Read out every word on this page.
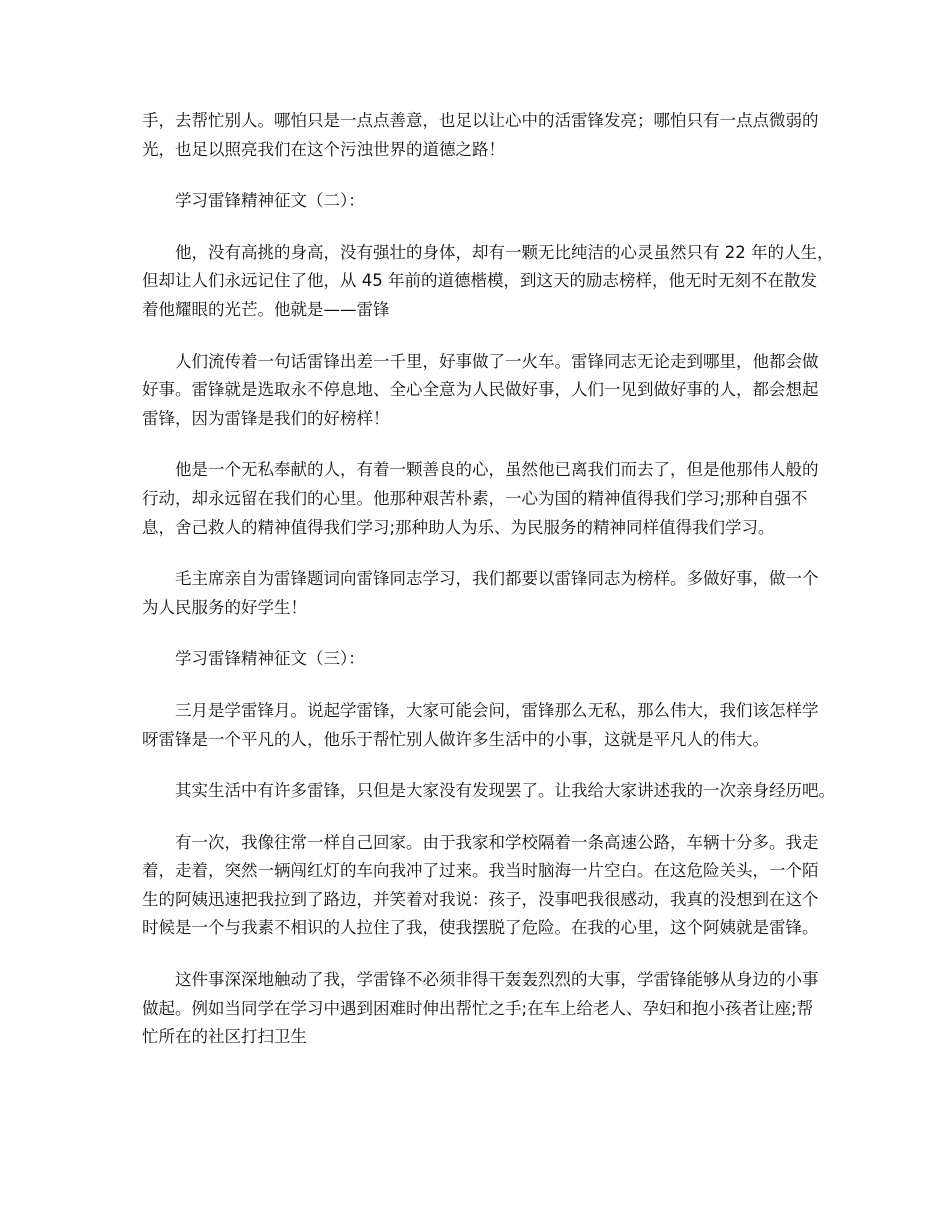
手，去帮忙别人。哪怕只是一点点善意，也足以让心中的活雷锋发亮；哪怕只有一点点微弱的
光，也足以照亮我们在这个污浊世界的道德之路！

学习雷锋精神征文（二）：

他，没有高挑的身高，没有强壮的身体，却有一颗无比纯洁的心灵虽然只有 22 年的人生，
但却让人们永远记住了他，从 45 年前的道德楷模，到这天的励志榜样，他无时无刻不在散发
着他耀眼的光芒。他就是——雷锋

人们流传着一句话雷锋出差一千里，好事做了一火车。雷锋同志无论走到哪里，他都会做
好事。雷锋就是选取永不停息地、全心全意为人民做好事，人们一见到做好事的人，都会想起
雷锋，因为雷锋是我们的好榜样！

他是一个无私奉献的人，有着一颗善良的心，虽然他已离我们而去了，但是他那伟人般的
行动，却永远留在我们的心里。他那种艰苦朴素，一心为国的精神值得我们学习;那种自强不
息，舍己救人的精神值得我们学习;那种助人为乐、为民服务的精神同样值得我们学习。

毛主席亲自为雷锋题词向雷锋同志学习，我们都要以雷锋同志为榜样。多做好事，做一个
为人民服务的好学生！

学习雷锋精神征文（三）：

三月是学雷锋月。说起学雷锋，大家可能会问，雷锋那么无私，那么伟大，我们该怎样学
呀雷锋是一个平凡的人，他乐于帮忙别人做许多生活中的小事，这就是平凡人的伟大。

其实生活中有许多雷锋，只但是大家没有发现罢了。让我给大家讲述我的一次亲身经历吧。

有一次，我像往常一样自己回家。由于我家和学校隔着一条高速公路，车辆十分多。我走
着，走着，突然一辆闯红灯的车向我冲了过来。我当时脑海一片空白。在这危险关头，一个陌
生的阿姨迅速把我拉到了路边，并笑着对我说：孩子，没事吧我很感动，我真的没想到在这个
时候是一个与我素不相识的人拉住了我，使我摆脱了危险。在我的心里，这个阿姨就是雷锋。

这件事深深地触动了我，学雷锋不必须非得干轰轰烈烈的大事，学雷锋能够从身边的小事
做起。例如当同学在学习中遇到困难时伸出帮忙之手;在车上给老人、孕妇和抱小孩者让座;帮
忙所在的社区打扫卫生
